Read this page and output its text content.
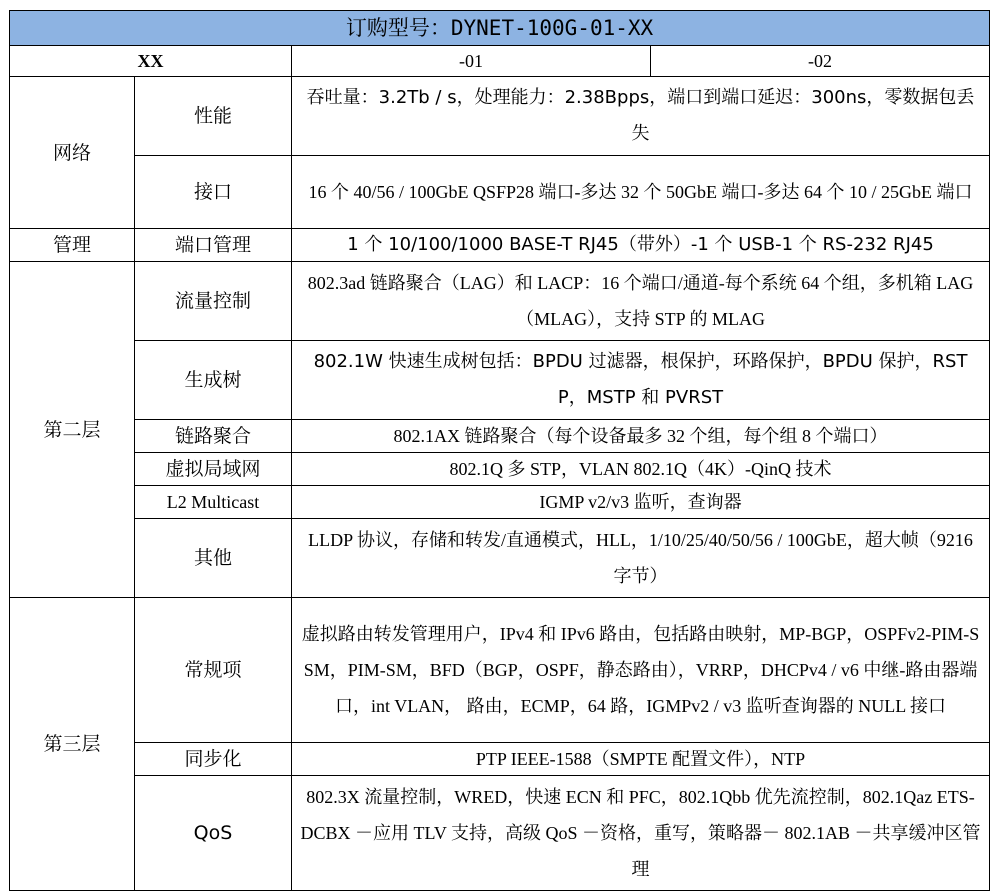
订购型号：DYNET-100G-01-XX			
XX		-01	-02
网络	性能	吞吐量：3.2Tb / s，处理能力：2.38Bpps，端口到端口延迟：300ns，零数据包丢失	
	接口	16 个 40/56 / 100GbE QSFP28 端口-多达 32 个 50GbE 端口-多达 64 个 10 / 25GbE 端口	
管理	端口管理	1 个 10/100/1000 BASE-T RJ45（带外）-1 个 USB-1 个 RS-232 RJ45	
第二层	流量控制	802.3ad 链路聚合（LAG）和 LACP：16 个端口/通道-每个系统 64 个组，多机箱 LAG（MLAG），支持 STP 的 MLAG	
	生成树	802.1W 快速生成树包括：BPDU 过滤器，根保护，环路保护，BPDU 保护，RSTP，MSTP 和 PVRST	
	链路聚合	802.1AX 链路聚合（每个设备最多 32 个组，每个组 8 个端口）	
	虚拟局域网	802.1Q 多 STP，VLAN 802.1Q（4K）-QinQ 技术	
	L2 Multicast	IGMP v2/v3 监听，查询器	
	其他	LLDP 协议，存储和转发/直通模式，HLL，1/10/25/40/50/56 / 100GbE，超大帧（9216 字节）	
第三层	常规项	虚拟路由转发管理用户，IPv4 和 IPv6 路由，包括路由映射，MP-BGP，OSPFv2-PIM-SSM，PIM-SM，BFD（BGP，OSPF，静态路由），VRRP，DHCPv4 / v6 中继-路由器端口，int VLAN， 路由，ECMP，64 路，IGMPv2 / v3 监听查询器的 NULL 接口	
	同步化	PTP IEEE-1588（SMPTE 配置文件），NTP	
	QoS	802.3X 流量控制，WRED，快速 ECN 和 PFC，802.1Qbb 优先流控制，802.1Qaz ETS-DCBX －应用 TLV 支持，高级 QoS －资格，重写，策略器－ 802.1AB －共享缓冲区管理	
